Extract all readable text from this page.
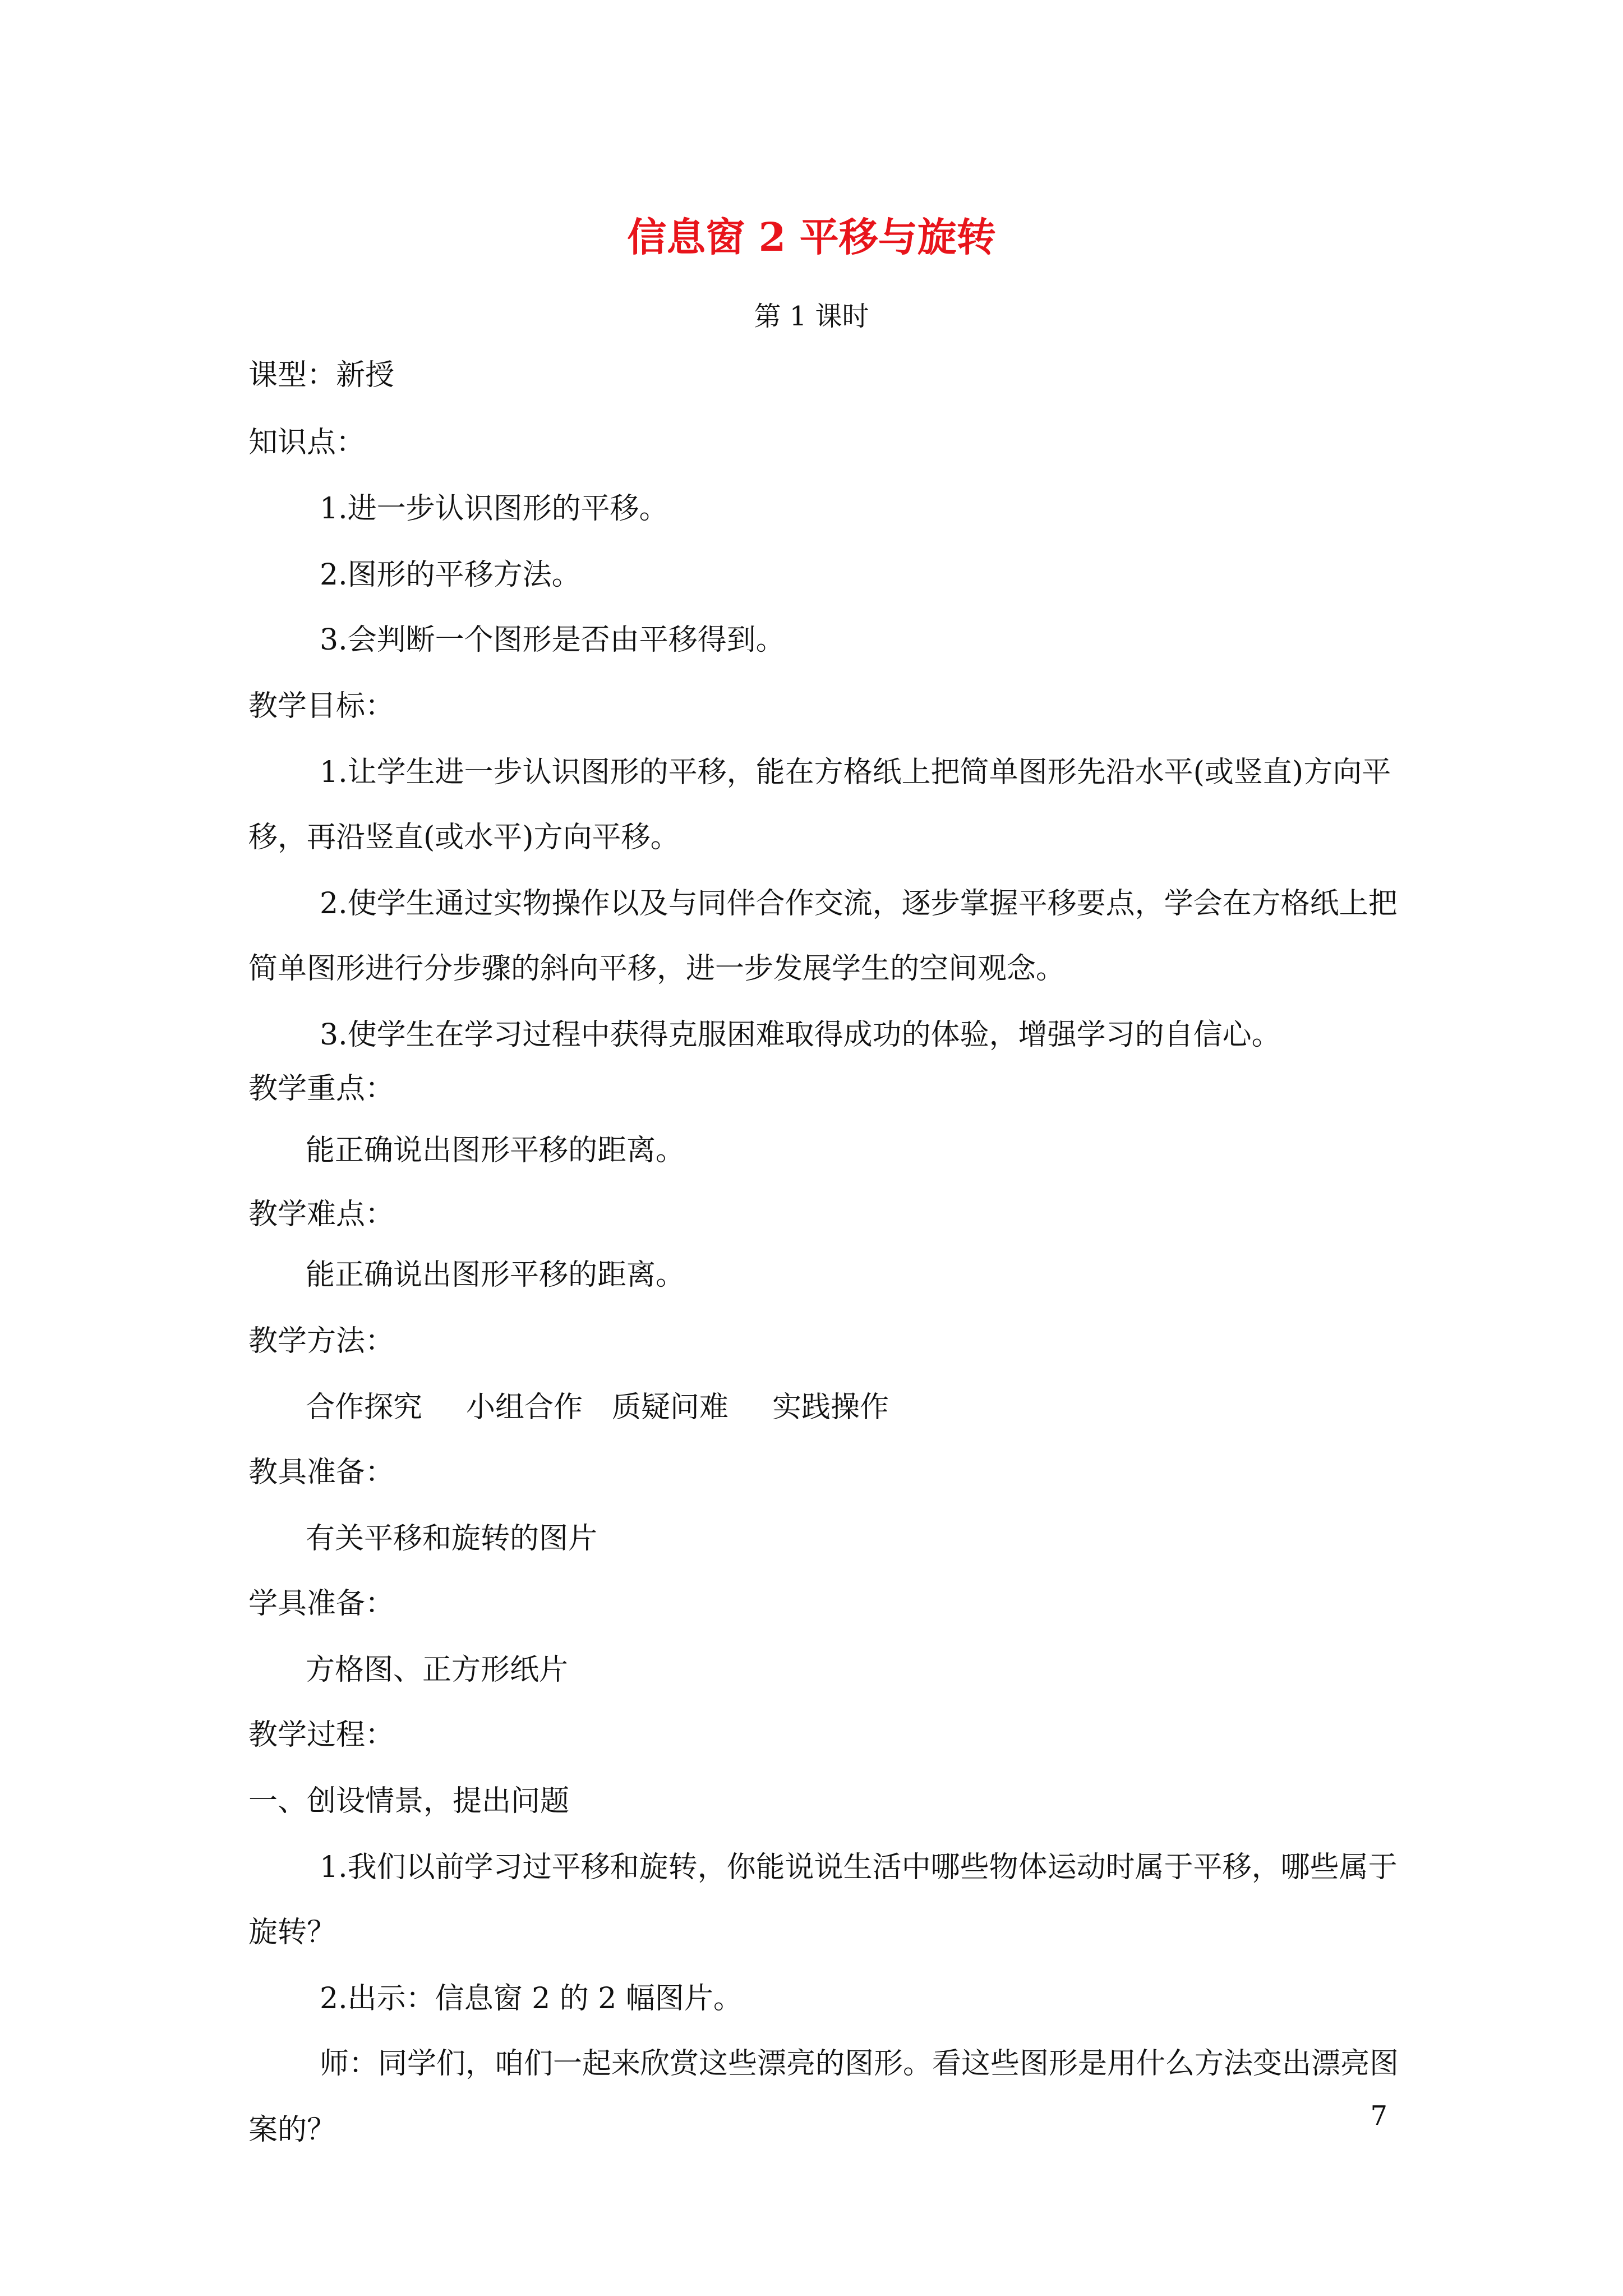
信息窗 2 平移与旋转
第 1 课时
课型：新授
知识点：
1.进一步认识图形的平移。
2.图形的平移方法。
3.会判断一个图形是否由平移得到。
教学目标：
1.让学生进一步认识图形的平移，能在方格纸上把简单图形先沿水平(或竖直)方向平
移，再沿竖直(或水平)方向平移。
2.使学生通过实物操作以及与同伴合作交流，逐步掌握平移要点，学会在方格纸上把
简单图形进行分步骤的斜向平移，进一步发展学生的空间观念。
3.使学生在学习过程中获得克服困难取得成功的体验，增强学习的自信心。
教学重点：
能正确说出图形平移的距离。
教学难点：
能正确说出图形平移的距离。
教学方法：
合作探究 小组合作 质疑问难 实践操作
教具准备：
有关平移和旋转的图片
学具准备：
方格图、正方形纸片
教学过程：
一、创设情景，提出问题
1.我们以前学习过平移和旋转，你能说说生活中哪些物体运动时属于平移，哪些属于
旋转？
2.出示：信息窗 2 的 2 幅图片。
师：同学们，咱们一起来欣赏这些漂亮的图形。看这些图形是用什么方法变出漂亮图
案的？	7
